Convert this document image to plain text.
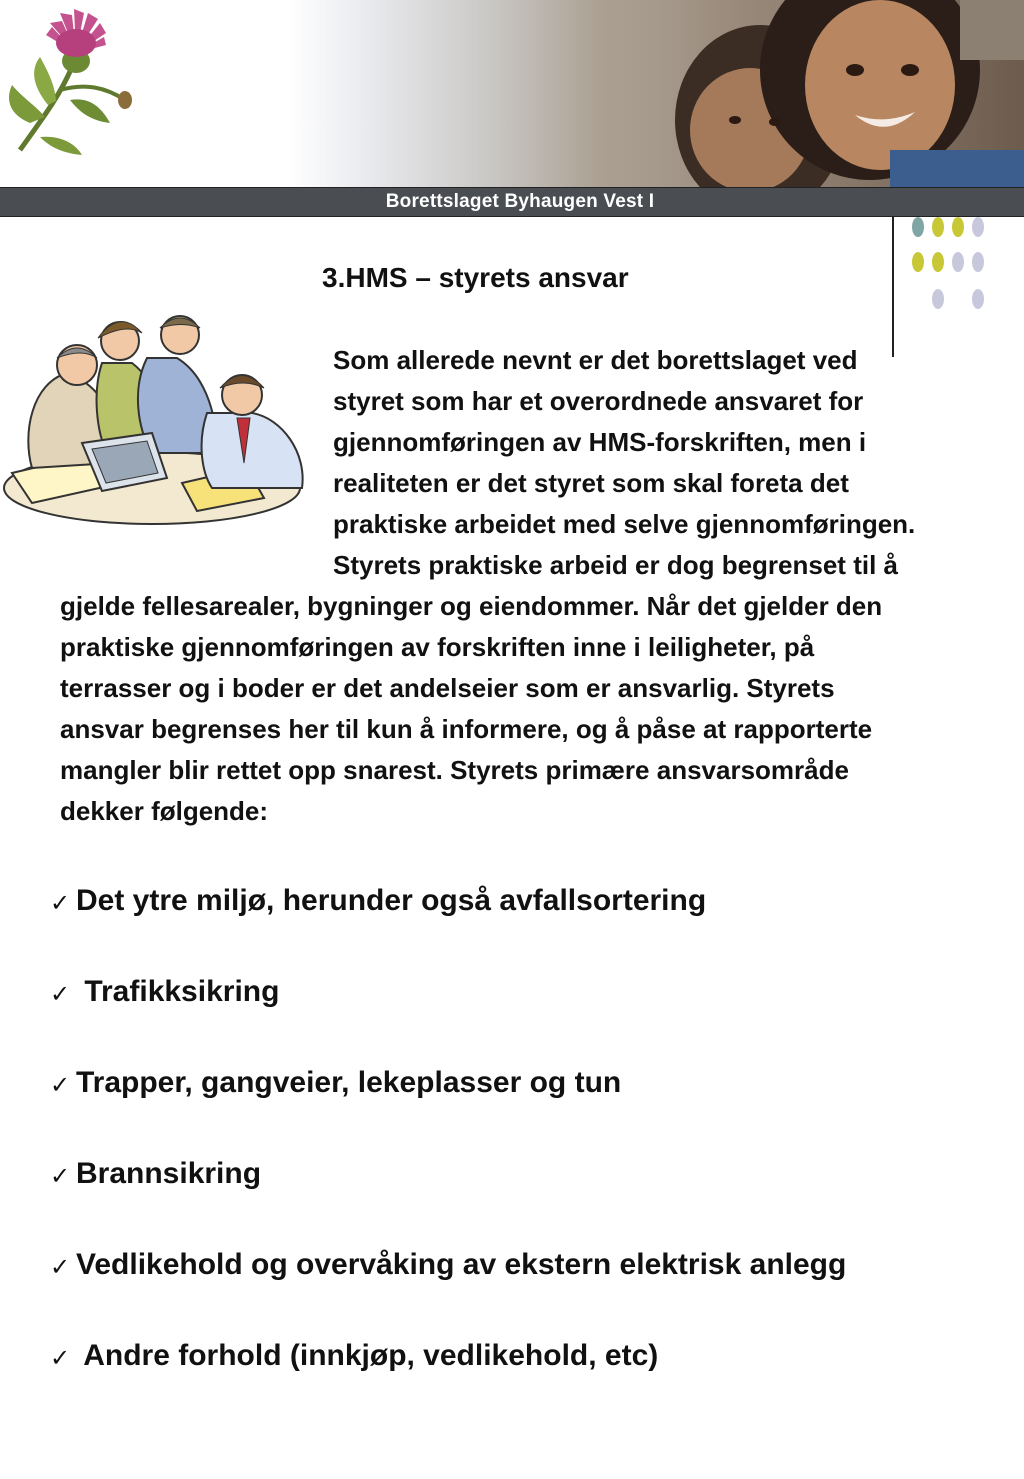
Borettslaget Byhaugen Vest I
3.HMS – styrets ansvar

Som allerede nevnt er det borettslaget ved
styret som har et overordnede ansvaret for
gjennomføringen av HMS-forskriften, men i
realiteten er det styret som skal foreta det
praktiske arbeidet med selve gjennomføringen.
Styrets praktiske arbeid er dog begrenset til å

gjelde fellesarealer, bygninger og eiendommer. Når det gjelder den
praktiske gjennomføringen av forskriften inne i leiligheter, på
terrasser og i boder er det andelseier som er ansvarlig. Styrets
ansvar begrenses her til kun å informere, og å påse at rapporterte
mangler blir rettet opp snarest. Styrets primære ansvarsområde
dekker følgende:

✓ Det ytre miljø, herunder også avfallsortering
✓ Trafikksikring
✓ Trapper, gangveier, lekeplasser og tun
✓ Brannsikring
✓ Vedlikehold og overvåking av ekstern elektrisk anlegg
✓ Andre forhold (innkjøp, vedlikehold, etc)
